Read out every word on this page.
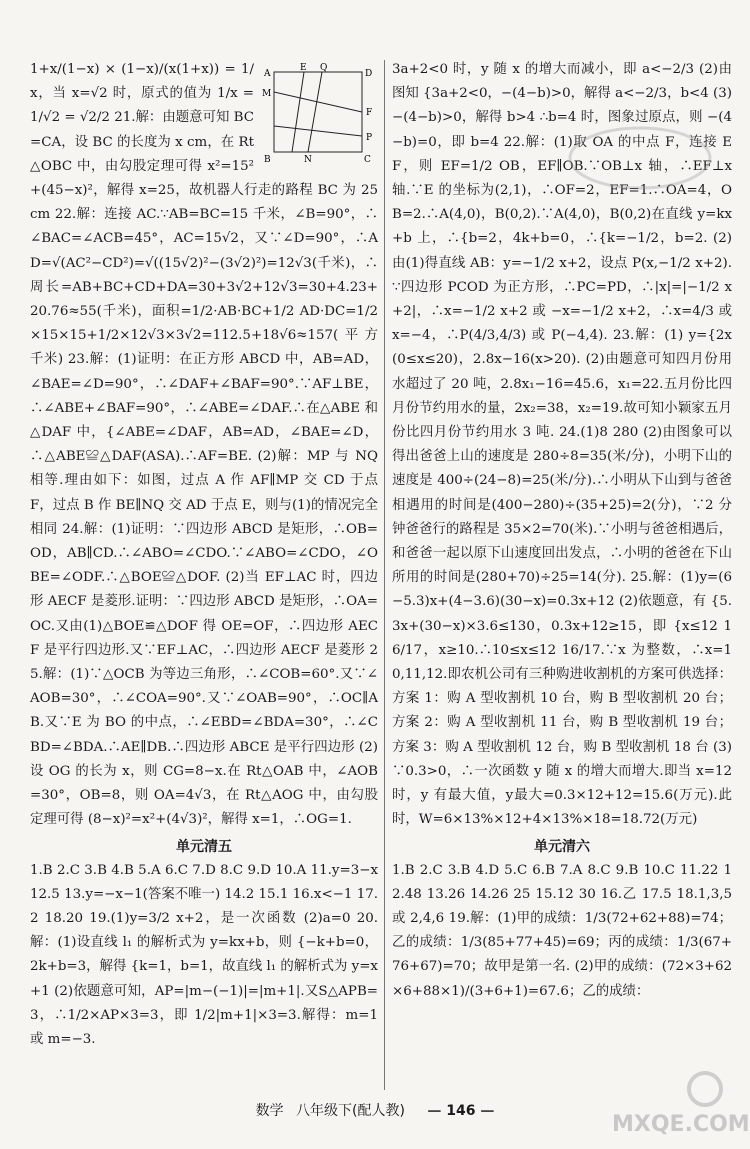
E Q
A	D
M
F
P
B	N	C

1+x/(1−x) × (1−x)/(x(1+x)) = 1/x，当 x=√2 时，原式的值为 1/x = 1/√2 = √2/2 21.解：由题意可知 BC=CA，设 BC 的长度为 x cm，在 Rt△OBC 中，由勾股定理可得 x²=15²+(45−x)²，解得 x=25，故机器人行走的路程 BC 为 25 cm 22.解：连接 AC.∵AB=BC=15 千米，∠B=90°，∴∠BAC=∠ACB=45°，AC=15√2，又∵∠D=90°，∴AD=√(AC²−CD²)=√((15√2)²−(3√2)²)=12√3(千米)，∴周长=AB+BC+CD+DA=30+3√2+12√3=30+4.23+20.76≈55(千米)，面积=1/2·AB·BC+1/2 AD·DC=1/2×15×15+1/2×12√3×3√2=112.5+18√6≈157(平方千米) 23.解：(1)证明：在正方形 ABCD 中，AB=AD，∠BAE=∠D=90°，∴∠DAF+∠BAF=90°.∵AF⊥BE，∴∠ABE+∠BAF=90°，∴∠ABE=∠DAF.∴在△ABE 和 △DAF 中，{∠ABE=∠DAF，AB=AD，∠BAE=∠D，∴△ABE≌△DAF(ASA).∴AF=BE. (2)解：MP 与 NQ 相等.理由如下：如图，过点 A 作 AF∥MP 交 CD 于点 F，过点 B 作 BE∥NQ 交 AD 于点 E，则与(1)的情况完全相同 24.解：(1)证明：∵四边形 ABCD 是矩形，∴OB=OD，AB∥CD.∴∠ABO=∠CDO.∵∠ABO=∠CDO，∠OBE=∠ODF.∴△BOE≌△DOF. (2)当 EF⊥AC 时，四边形 AECF 是菱形.证明：∵四边形 ABCD 是矩形，∴OA=OC.又由(1)△BOE≌△DOF 得 OE=OF，∴四边形 AECF 是平行四边形.又∵EF⊥AC，∴四边形 AECF 是菱形 25.解：(1)∵△OCB 为等边三角形，∴∠COB=60°.又∵∠AOB=30°，∴∠COA=90°.又∵∠OAB=90°，∴OC∥AB.又∵E 为 BO 的中点，∴∠EBD=∠BDA=30°，∴∠CBD=∠BDA.∴AE∥DB.∴四边形 ABCE 是平行四边形 (2)设 OG 的长为 x，则 CG=8−x.在 Rt△OAB 中，∠AOB=30°，OB=8，则 OA=4√3，在 Rt△AOG 中，由勾股定理可得 (8−x)²=x²+(4√3)²，解得 x=1，∴OG=1.

单元清五

1.B 2.C 3.B 4.B 5.A 6.C 7.D 8.C 9.D 10.A 11.y=3−x 12.5 13.y=−x−1(答案不唯一) 14.2 15.1 16.x<−1 17.2 18.20 19.(1)y=3/2 x+2，是一次函数 (2)a=0 20.解：(1)设直线 l₁ 的解析式为 y=kx+b，则 {−k+b=0，2k+b=3，解得 {k=1，b=1，故直线 l₁ 的解析式为 y=x+1 (2)依题意可知，AP=|m−(−1)|=|m+1|.又S△APB=3，∴1/2×AP×3=3，即 1/2|m+1|×3=3.解得：m=1 或 m=−3.

3a+2<0 时，y 随 x 的增大而减小，即 a<−2/3 (2)由图知 {3a+2<0，−(4−b)>0，解得 a<−2/3，b<4 (3)−(4−b)>0，解得 b>4 ∴b=4 时，图象过原点，则 −(4−b)=0，即 b=4 22.解：(1)取 OA 的中点 F，连接 EF，则 EF=1/2 OB，EF∥OB.∵OB⊥x 轴，∴EF⊥x 轴.∵E 的坐标为(2,1)，∴OF=2，EF=1.∴OA=4，OB=2.∴A(4,0)，B(0,2).∵A(4,0)，B(0,2)在直线 y=kx+b 上，∴{b=2，4k+b=0，∴{k=−1/2，b=2. (2)由(1)得直线 AB：y=−1/2 x+2，设点 P(x,−1/2 x+2).∵四边形 PCOD 为正方形，∴PC=PD，∴|x|=|−1/2 x+2|，∴x=−1/2 x+2 或 −x=−1/2 x+2，∴x=4/3 或 x=−4，∴P(4/3,4/3) 或 P(−4,4). 23.解：(1) y={2x(0≤x≤20)，2.8x−16(x>20). (2)由题意可知四月份用水超过了 20 吨，2.8x₁−16=45.6，x₁=22.五月份比四月份节约用水的量，2x₂=38，x₂=19.故可知小颖家五月份比四月份节约用水 3 吨. 24.(1)8 280 (2)由图象可以得出爸爸上山的速度是 280÷8=35(米/分)，小明下山的速度是 400÷(24−8)=25(米/分).∴小明从下山到与爸爸相遇用的时间是(400−280)÷(35+25)=2(分)，∵2 分钟爸爸行的路程是 35×2=70(米).∵小明与爸爸相遇后，和爸爸一起以原下山速度回出发点，∴小明的爸爸在下山所用的时间是(280+70)÷25=14(分). 25.解：(1)y=(6−5.3)x+(4−3.6)(30−x)=0.3x+12 (2)依题意，有 {5.3x+(30−x)×3.6≤130，0.3x+12≥15，即 {x≤12 16/17，x≥10.∴10≤x≤12 16/17.∵x 为整数，∴x=10,11,12.即农机公司有三种购进收割机的方案可供选择：方案 1：购 A 型收割机 10 台，购 B 型收割机 20 台；方案 2：购 A 型收割机 11 台，购 B 型收割机 19 台；方案 3：购 A 型收割机 12 台，购 B 型收割机 18 台 (3)∵0.3>0，∴一次函数 y 随 x 的增大而增大.即当 x=12 时，y 有最大值，y最大=0.3×12+12=15.6(万元).此时，W=6×13%×12+4×13%×18=18.72(万元)

单元清六

1.B 2.C 3.B 4.D 5.C 6.B 7.A 8.C 9.B 10.C 11.22 12.48 13.26 14.26 25 15.12 30 16.乙 17.5 18.1,3,5 或 2,4,6 19.解：(1)甲的成绩：1/3(72+62+88)=74；乙的成绩：1/3(85+77+45)=69；丙的成绩：1/3(67+76+67)=70；故甲是第一名. (2)甲的成绩：(72×3+62×6+88×1)/(3+6+1)=67.6；乙的成绩：

数学 八年级下(配人教) — 146 —
MXQE.COM
